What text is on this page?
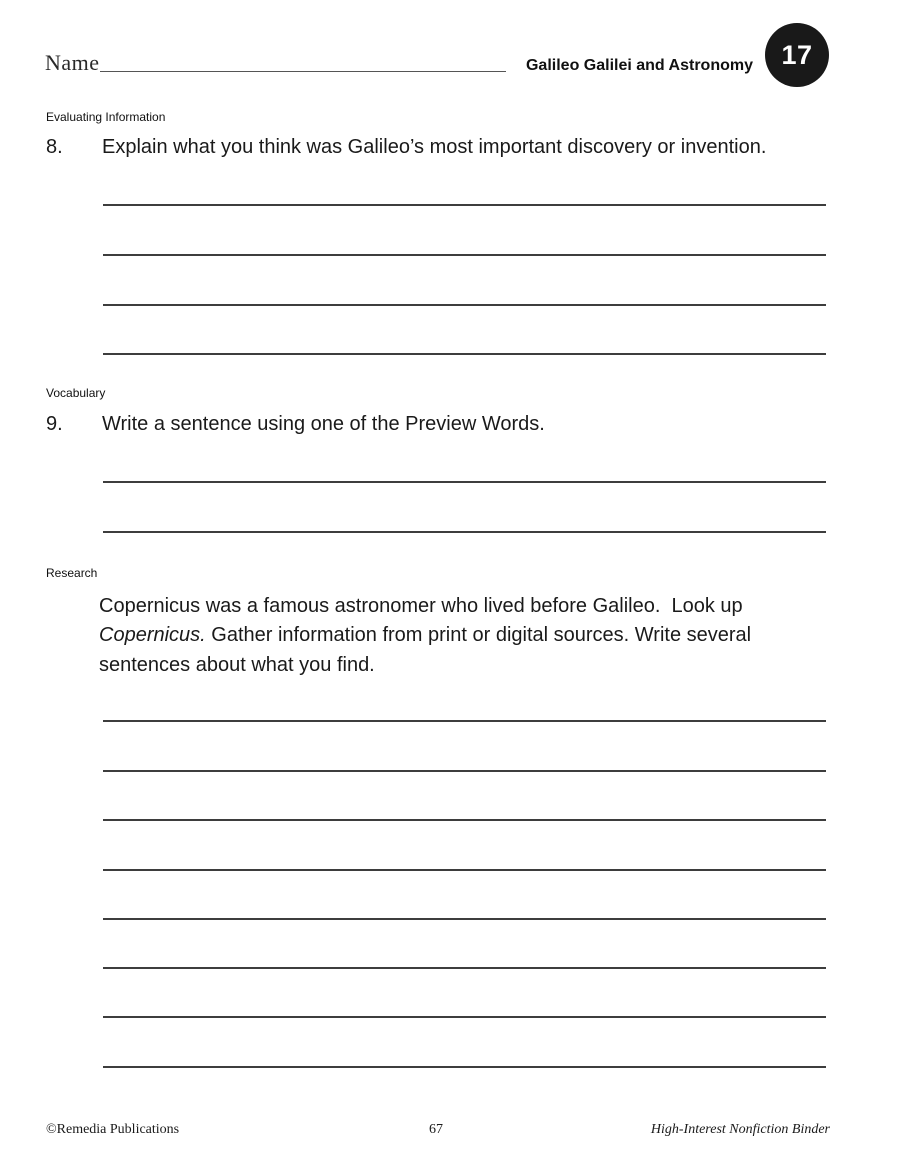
Name	Galileo Galilei and Astronomy 17
Evaluating Information
8. Explain what you think was Galileo’s most important discovery or invention.
Vocabulary
9. Write a sentence using one of the Preview Words.
Research
Copernicus was a famous astronomer who lived before Galileo.  Look up Copernicus. Gather information from print or digital sources. Write several sentences about what you find.
©Remedia Publications	67	High-Interest Nonfiction Binder
